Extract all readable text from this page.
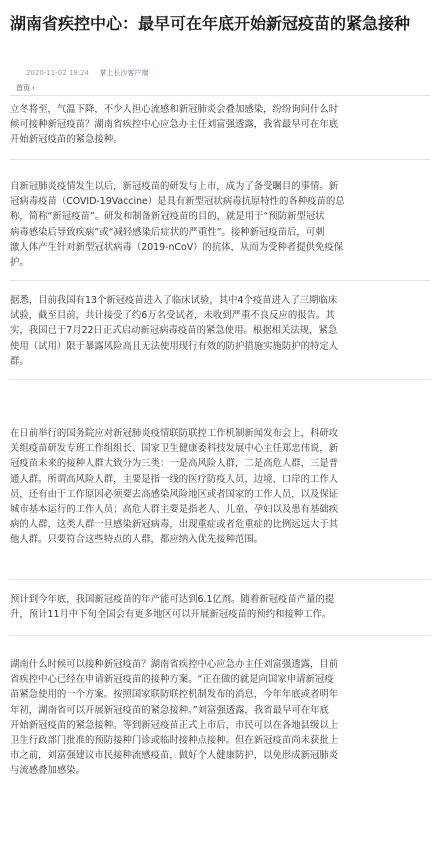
湖南省疾控中心：最早可在年底开始新冠疫苗的紧急接种
2020-11-02 19:24 掌上长沙客户端
首页 ›

立冬将至，气温下降，不少人担心流感和新冠肺炎会叠加感染，纷纷询问什么时
候可接种新冠疫苗？湖南省疾控中心应急办主任刘富强透露，我省最早可在年底
开始新冠疫苗的紧急接种。

自新冠肺炎疫情发生以后，新冠疫苗的研发与上市，成为了备受瞩目的事情。新
冠病毒疫苗（COVID-19Vaccine）是具有新型冠状病毒抗原特性的各种疫苗的总
称，简称“新冠疫苗”。研发和制备新冠疫苗的目的，就是用于“预防新型冠状
病毒感染后导致疾病”或“减轻感染后症状的严重性”。接种新冠疫苗后，可刺
激人体产生针对新型冠状病毒（2019-nCoV）的抗体，从而为受种者提供免疫保
护。

据悉，目前我国有13个新冠疫苗进入了临床试验，其中4个疫苗进入了三期临床
试验，截至目前，共计接受了约6万名受试者，未收到严重不良反应的报告。其
实，我国已于7月22日正式启动新冠病毒疫苗的紧急使用。根据相关法规，紧急
使用（试用）限于暴露风险高且无法使用现行有效的防护措施实施防护的特定人
群。

在日前举行的国务院应对新冠肺炎疫情联防联控工作机制新闻发布会上，科研攻
关组疫苗研发专班工作组组长、国家卫生健康委科技发展中心主任郑忠伟说，新
冠疫苗未来的接种人群大致分为三类：一是高风险人群，二是高危人群，三是普
通人群。所谓高风险人群，主要是指一线的医疗防疫人员，边境、口岸的工作人
员，还有由于工作原因必须要去高感染风险地区或者国家的工作人员，以及保证
城市基本运行的工作人员；高危人群主要是指老人、儿童、孕妇以及患有基础疾
病的人群，这类人群一旦感染新冠病毒，出现重症或者危重症的比例远远大于其
他人群。只要符合这些特点的人群，都应纳入优先接种范围。

预计到今年底，我国新冠疫苗的年产能可达到6.1亿剂。随着新冠疫苗产量的提
升，预计11月中下旬全国会有更多地区可以开展新冠疫苗的预约和接种工作。

湖南什么时候可以接种新冠疫苗？湖南省疾控中心应急办主任刘富强透露，目前
省疾控中心已经在申请新冠疫苗的接种方案。“正在做的就是向国家申请新冠疫
苗紧急使用的一个方案。按照国家联防联控机制发布的消息，今年年底或者明年
年初，湖南省可以开展新冠疫苗的紧急接种。”刘富强透露，我省最早可在年底
开始新冠疫苗的紧急接种。等到新冠疫苗正式上市后，市民可以在各地县级以上
卫生行政部门批准的预防接种门诊或临时接种点接种。但在新冠疫苗尚未获批上
市之前，刘富强建议市民接种流感疫苗，做好个人健康防护，以免形成新冠肺炎
与流感叠加感染。
